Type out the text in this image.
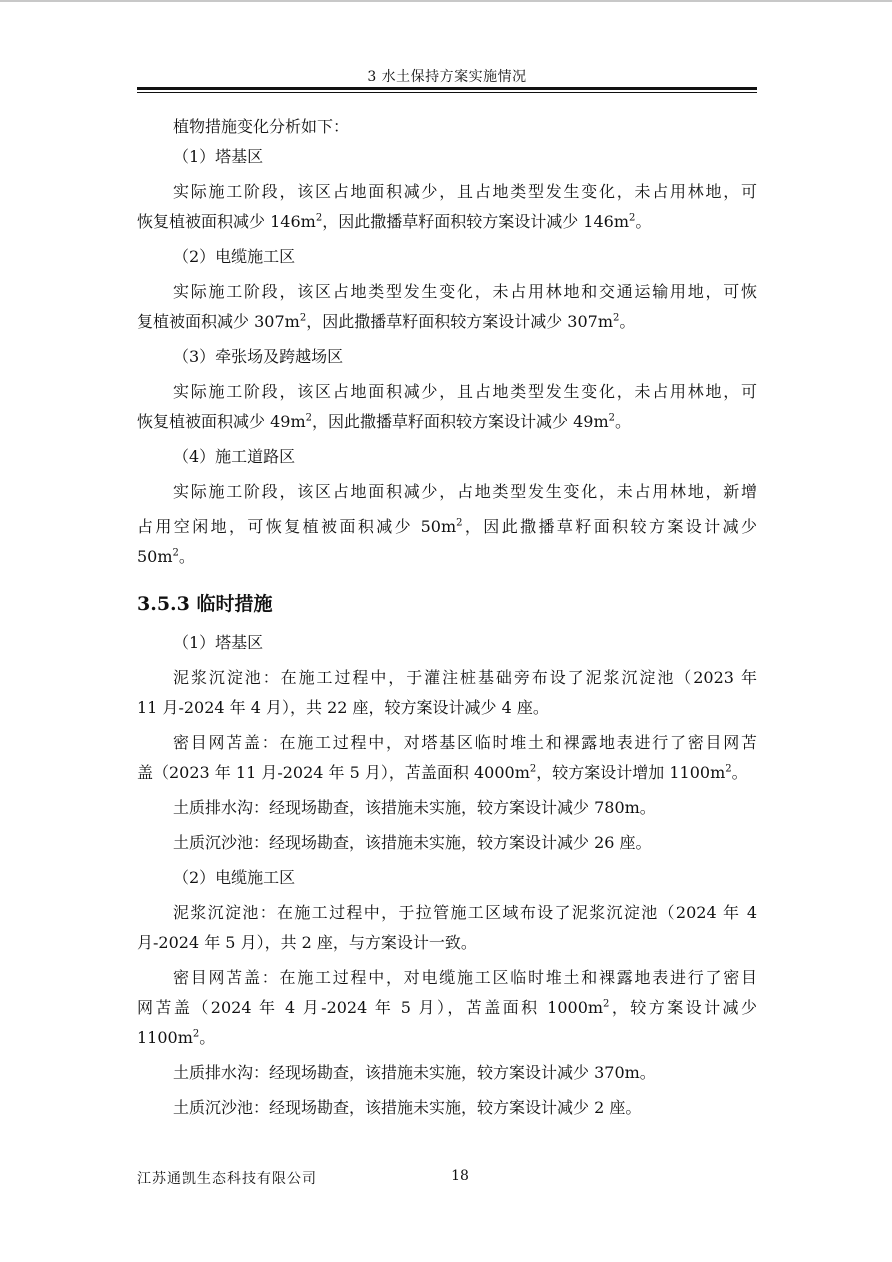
3 水土保持方案实施情况

植物措施变化分析如下：

（1）塔基区

实际施工阶段，该区占地面积减少，且占地类型发生变化，未占用林地，可

恢复植被面积减少 $146m^2$，因此撒播草籽面积较方案设计减少 $146m^2$。

（2）电缆施工区

实际施工阶段，该区占地类型发生变化，未占用林地和交通运输用地，可恢

复植被面积减少 $307m^2$，因此撒播草籽面积较方案设计减少 $307m^2$。

（3）牵张场及跨越场区

实际施工阶段，该区占地面积减少，且占地类型发生变化，未占用林地，可

恢复植被面积减少 $49m^2$，因此撒播草籽面积较方案设计减少 $49m^2$。

（4）施工道路区

实际施工阶段，该区占地面积减少，占地类型发生变化，未占用林地，新增

占用空闲地，可恢复植被面积减少 $50m^2$，因此撒播草籽面积较方案设计减少

$50m^2$。

3.5.3 临时措施

（1）塔基区

泥浆沉淀池：在施工过程中，于灌注桩基础旁布设了泥浆沉淀池（2023 年

11 月-2024 年 4 月），共 22 座，较方案设计减少 4 座。

密目网苫盖：在施工过程中，对塔基区临时堆土和裸露地表进行了密目网苫

盖（2023 年 11 月-2024 年 5 月），苫盖面积 $4000m^2$，较方案设计增加 $1100m^2$。

土质排水沟：经现场勘查，该措施未实施，较方案设计减少 780m。

土质沉沙池：经现场勘查，该措施未实施，较方案设计减少 26 座。

（2）电缆施工区

泥浆沉淀池：在施工过程中，于拉管施工区域布设了泥浆沉淀池（2024 年 4

月-2024 年 5 月），共 2 座，与方案设计一致。

密目网苫盖：在施工过程中，对电缆施工区临时堆土和裸露地表进行了密目

网苫盖（2024 年 4 月-2024 年 5 月），苫盖面积 $1000m^2$，较方案设计减少 $1100m^2$。

土质排水沟：经现场勘查，该措施未实施，较方案设计减少 370m。

土质沉沙池：经现场勘查，该措施未实施，较方案设计减少 2 座。

江苏通凯生态科技有限公司	18
